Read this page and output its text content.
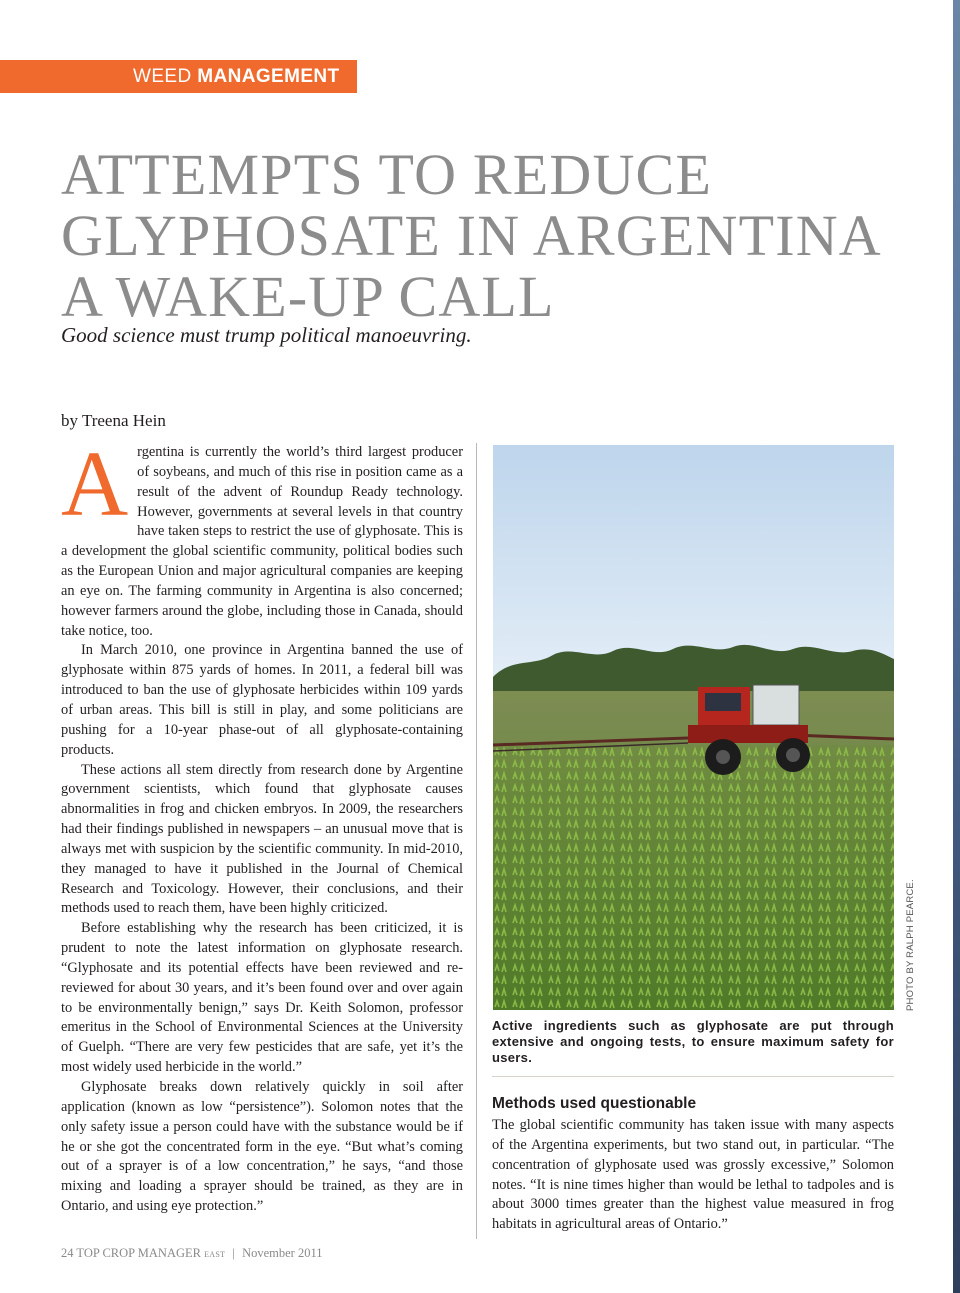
WEED MANAGEMENT
ATTEMPTS TO REDUCE
GLYPHOSATE IN ARGENTINA
A WAKE-UP CALL
Good science must trump political manoeuvring.
by Treena Hein

Argentina is currently the world’s third largest producer of soybeans, and much of this rise in position came as a result of the advent of Roundup Ready technology. However, governments at several levels in that country have taken steps to restrict the use of glyphosate. This is a development the global scientific community, political bodies such as the European Union and major agricultural companies are keeping an eye on. The farming community in Argentina is also concerned; however farmers around the globe, including those in Canada, should take notice, too.

In March 2010, one province in Argentina banned the use of glyphosate within 875 yards of homes. In 2011, a federal bill was introduced to ban the use of glyphosate herbicides within 109 yards of urban areas. This bill is still in play, and some politicians are pushing for a 10-year phase-out of all glyphosate-containing products.

These actions all stem directly from research done by Argentine government scientists, which found that glyphosate causes abnormalities in frog and chicken embryos. In 2009, the researchers had their findings published in newspapers – an unusual move that is always met with suspicion by the scientific community. In mid-2010, they managed to have it published in the Journal of Chemical Research and Toxicology. However, their conclusions, and their methods used to reach them, have been highly criticized.

Before establishing why the research has been criticized, it is prudent to note the latest information on glyphosate research. “Glyphosate and its potential effects have been reviewed and re-reviewed for about 30 years, and it’s been found over and over again to be environmentally benign,” says Dr. Keith Solomon, professor emeritus in the School of Environmental Sciences at the University of Guelph. “There are very few pesticides that are safe, yet it’s the most widely used herbicide in the world.”

Glyphosate breaks down relatively quickly in soil after application (known as low “persistence”). Solomon notes that the only safety issue a person could have with the substance would be if he or she got the concentrated form in the eye. “But what’s coming out of a sprayer is of a low concentration,” he says, “and those mixing and loading a sprayer should be trained, as they are in Ontario, and using eye protection.”

PHOTO BY RALPH PEARCE.
Active ingredients such as glyphosate are put through extensive and ongoing tests, to ensure maximum safety for users.
Methods used questionable
The global scientific community has taken issue with many aspects of the Argentina experiments, but two stand out, in particular. “The concentration of glyphosate used was grossly excessive,” Solomon notes. “It is nine times higher than would be lethal to tadpoles and is about 3000 times greater than the highest value measured in frog habitats in agricultural areas of Ontario.”
24 TOP CROP MANAGER EAST | November 2011
